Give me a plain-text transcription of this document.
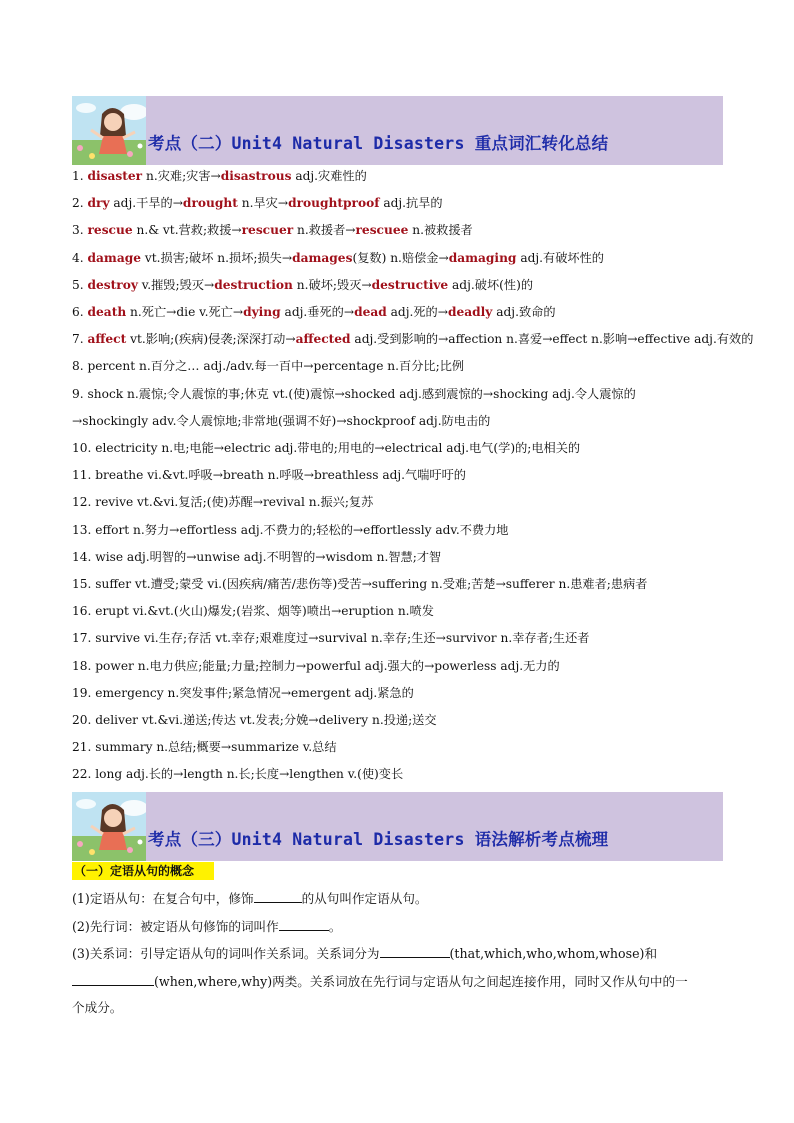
考点（二）Unit4 Natural Disasters 重点词汇转化总结
1. disaster n.灾难;灾害→disastrous adj.灾难性的
2. dry adj.干旱的→drought n.旱灾→droughtproof adj.抗旱的
3. rescue n.& vt.营救;救援→rescuer n.救援者→rescuee n.被救援者
4. damage vt.损害;破坏 n.损坏;损失→damages(复数) n.赔偿金→damaging adj.有破坏性的
5. destroy v.摧毁;毁灭→destruction n.破坏;毁灭→destructive adj.破坏(性)的
6. death n.死亡→die v.死亡→dying adj.垂死的→dead adj.死的→deadly adj.致命的
7. affect vt.影响;(疾病)侵袭;深深打动→affected adj.受到影响的→affection n.喜爱→effect n.影响→effective adj.有效的
8. percent n.百分之… adj./adv.每一百中→percentage n.百分比;比例
9. shock n.震惊;令人震惊的事;休克 vt.(使)震惊→shocked adj.感到震惊的→shocking adj.令人震惊的
→shockingly adv.令人震惊地;非常地(强调不好)→shockproof adj.防电击的
10. electricity n.电;电能→electric adj.带电的;用电的→electrical adj.电气(学)的;电相关的
11. breathe vi.&vt.呼吸→breath n.呼吸→breathless adj.气喘吁吁的
12. revive vt.&vi.复活;(使)苏醒→revival n.振兴;复苏
13. effort n.努力→effortless adj.不费力的;轻松的→effortlessly adv.不费力地
14. wise adj.明智的→unwise adj.不明智的→wisdom n.智慧;才智
15. suffer vt.遭受;蒙受 vi.(因疾病/痛苦/悲伤等)受苦→suffering n.受难;苦楚→sufferer n.患难者;患病者
16. erupt vi.&vt.(火山)爆发;(岩浆、烟等)喷出→eruption n.喷发
17. survive vi.生存;存活 vt.幸存;艰难度过→survival n.幸存;生还→survivor n.幸存者;生还者
18. power n.电力供应;能量;力量;控制力→powerful adj.强大的→powerless adj.无力的
19. emergency n.突发事件;紧急情况→emergent adj.紧急的
20. deliver vt.&vi.递送;传达 vt.发表;分娩→delivery n.投递;送交
21. summary n.总结;概要→summarize v.总结
22. long adj.长的→length n.长;长度→lengthen v.(使)变长
考点（三）Unit4 Natural Disasters 语法解析考点梳理
（一）定语从句的概念
(1)定语从句：在复合句中，修饰	的从句叫作定语从句。
(2)先行词：被定语从句修饰的词叫作	。
(3)关系词：引导定语从句的词叫作关系词。关系词分为	(that,which,who,whom,whose)和
(when,where,why)两类。关系词放在先行词与定语从句之间起连接作用，同时又作从句中的一
个成分。
